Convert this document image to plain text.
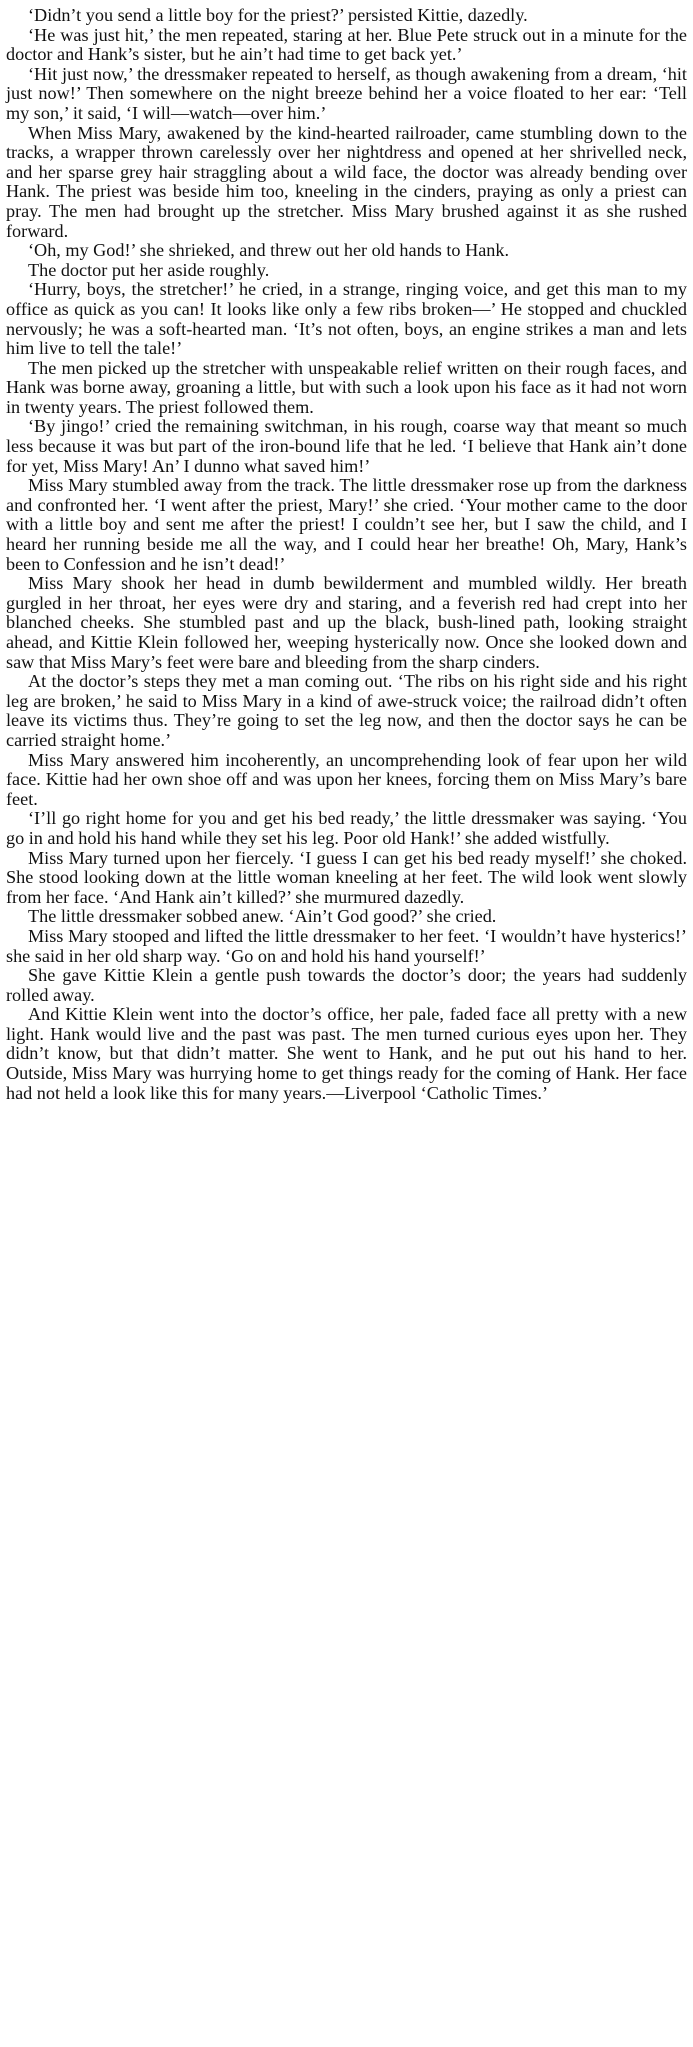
‘Didn’t you send a little boy for the priest?’ persisted Kittie, dazedly.

‘He was just hit,’ the men repeated, staring at her. Blue Pete struck out in a minute for the doctor and Hank’s sister, but he ain’t had time to get back yet.’

‘Hit just now,’ the dressmaker repeated to herself, as though awakening from a dream, ‘hit just now!’ Then somewhere on the night breeze behind her a voice floated to her ear: ‘Tell my son,’ it said, ‘I will—watch—over him.’

When Miss Mary, awakened by the kind-hearted railroader, came stumbling down to the tracks, a wrapper thrown carelessly over her nightdress and opened at her shrivelled neck, and her sparse grey hair straggling about a wild face, the doctor was already bending over Hank. The priest was beside him too, kneeling in the cinders, praying as only a priest can pray. The men had brought up the stretcher. Miss Mary brushed against it as she rushed forward.

‘Oh, my God!’ she shrieked, and threw out her old hands to Hank.

The doctor put her aside roughly.

‘Hurry, boys, the stretcher!’ he cried, in a strange, ringing voice, and get this man to my office as quick as you can! It looks like only a few ribs broken—’ He stopped and chuckled nervously; he was a soft-hearted man. ‘It’s not often, boys, an engine strikes a man and lets him live to tell the tale!’

The men picked up the stretcher with unspeakable relief written on their rough faces, and Hank was borne away, groaning a little, but with such a look upon his face as it had not worn in twenty years. The priest followed them.

‘By jingo!’ cried the remaining switchman, in his rough, coarse way that meant so much less because it was but part of the iron-bound life that he led. ‘I believe that Hank ain’t done for yet, Miss Mary! An’ I dunno what saved him!’

Miss Mary stumbled away from the track. The little dressmaker rose up from the darkness and confronted her. ‘I went after the priest, Mary!’ she cried. ‘Your mother came to the door with a little boy and sent me after the priest! I couldn’t see her, but I saw the child, and I heard her running beside me all the way, and I could hear her breathe! Oh, Mary, Hank’s been to Confession and he isn’t dead!’

Miss Mary shook her head in dumb bewilderment and mumbled wildly. Her breath gurgled in her throat, her eyes were dry and staring, and a feverish red had crept into her blanched cheeks. She stumbled past and up the black, bush-lined path, looking straight ahead, and Kittie Klein followed her, weeping hysterically now. Once she looked down and saw that Miss Mary’s feet were bare and bleeding from the sharp cinders.

At the doctor’s steps they met a man coming out. ‘The ribs on his right side and his right leg are broken,’ he said to Miss Mary in a kind of awe-struck voice; the railroad didn’t often leave its victims thus. They’re going to set the leg now, and then the doctor says he can be carried straight home.’

Miss Mary answered him incoherently, an uncomprehending look of fear upon her wild face. Kittie had her own shoe off and was upon her knees, forcing them on Miss Mary’s bare feet.

‘I’ll go right home for you and get his bed ready,’ the little dressmaker was saying. ‘You go in and hold his hand while they set his leg. Poor old Hank!’ she added wistfully.

Miss Mary turned upon her fiercely. ‘I guess I can get his bed ready myself!’ she choked. She stood looking down at the little woman kneeling at her feet. The wild look went slowly from her face. ‘And Hank ain’t killed?’ she murmured dazedly.

The little dressmaker sobbed anew. ‘Ain’t God good?’ she cried.

Miss Mary stooped and lifted the little dressmaker to her feet. ‘I wouldn’t have hysterics!’ she said in her old sharp way. ‘Go on and hold his hand yourself!’

She gave Kittie Klein a gentle push towards the doctor’s door; the years had suddenly rolled away.

And Kittie Klein went into the doctor’s office, her pale, faded face all pretty with a new light. Hank would live and the past was past. The men turned curious eyes upon her. They didn’t know, but that didn’t matter. She went to Hank, and he put out his hand to her. Outside, Miss Mary was hurrying home to get things ready for the coming of Hank. Her face had not held a look like this for many years.—Liverpool ‘Catholic Times.’
